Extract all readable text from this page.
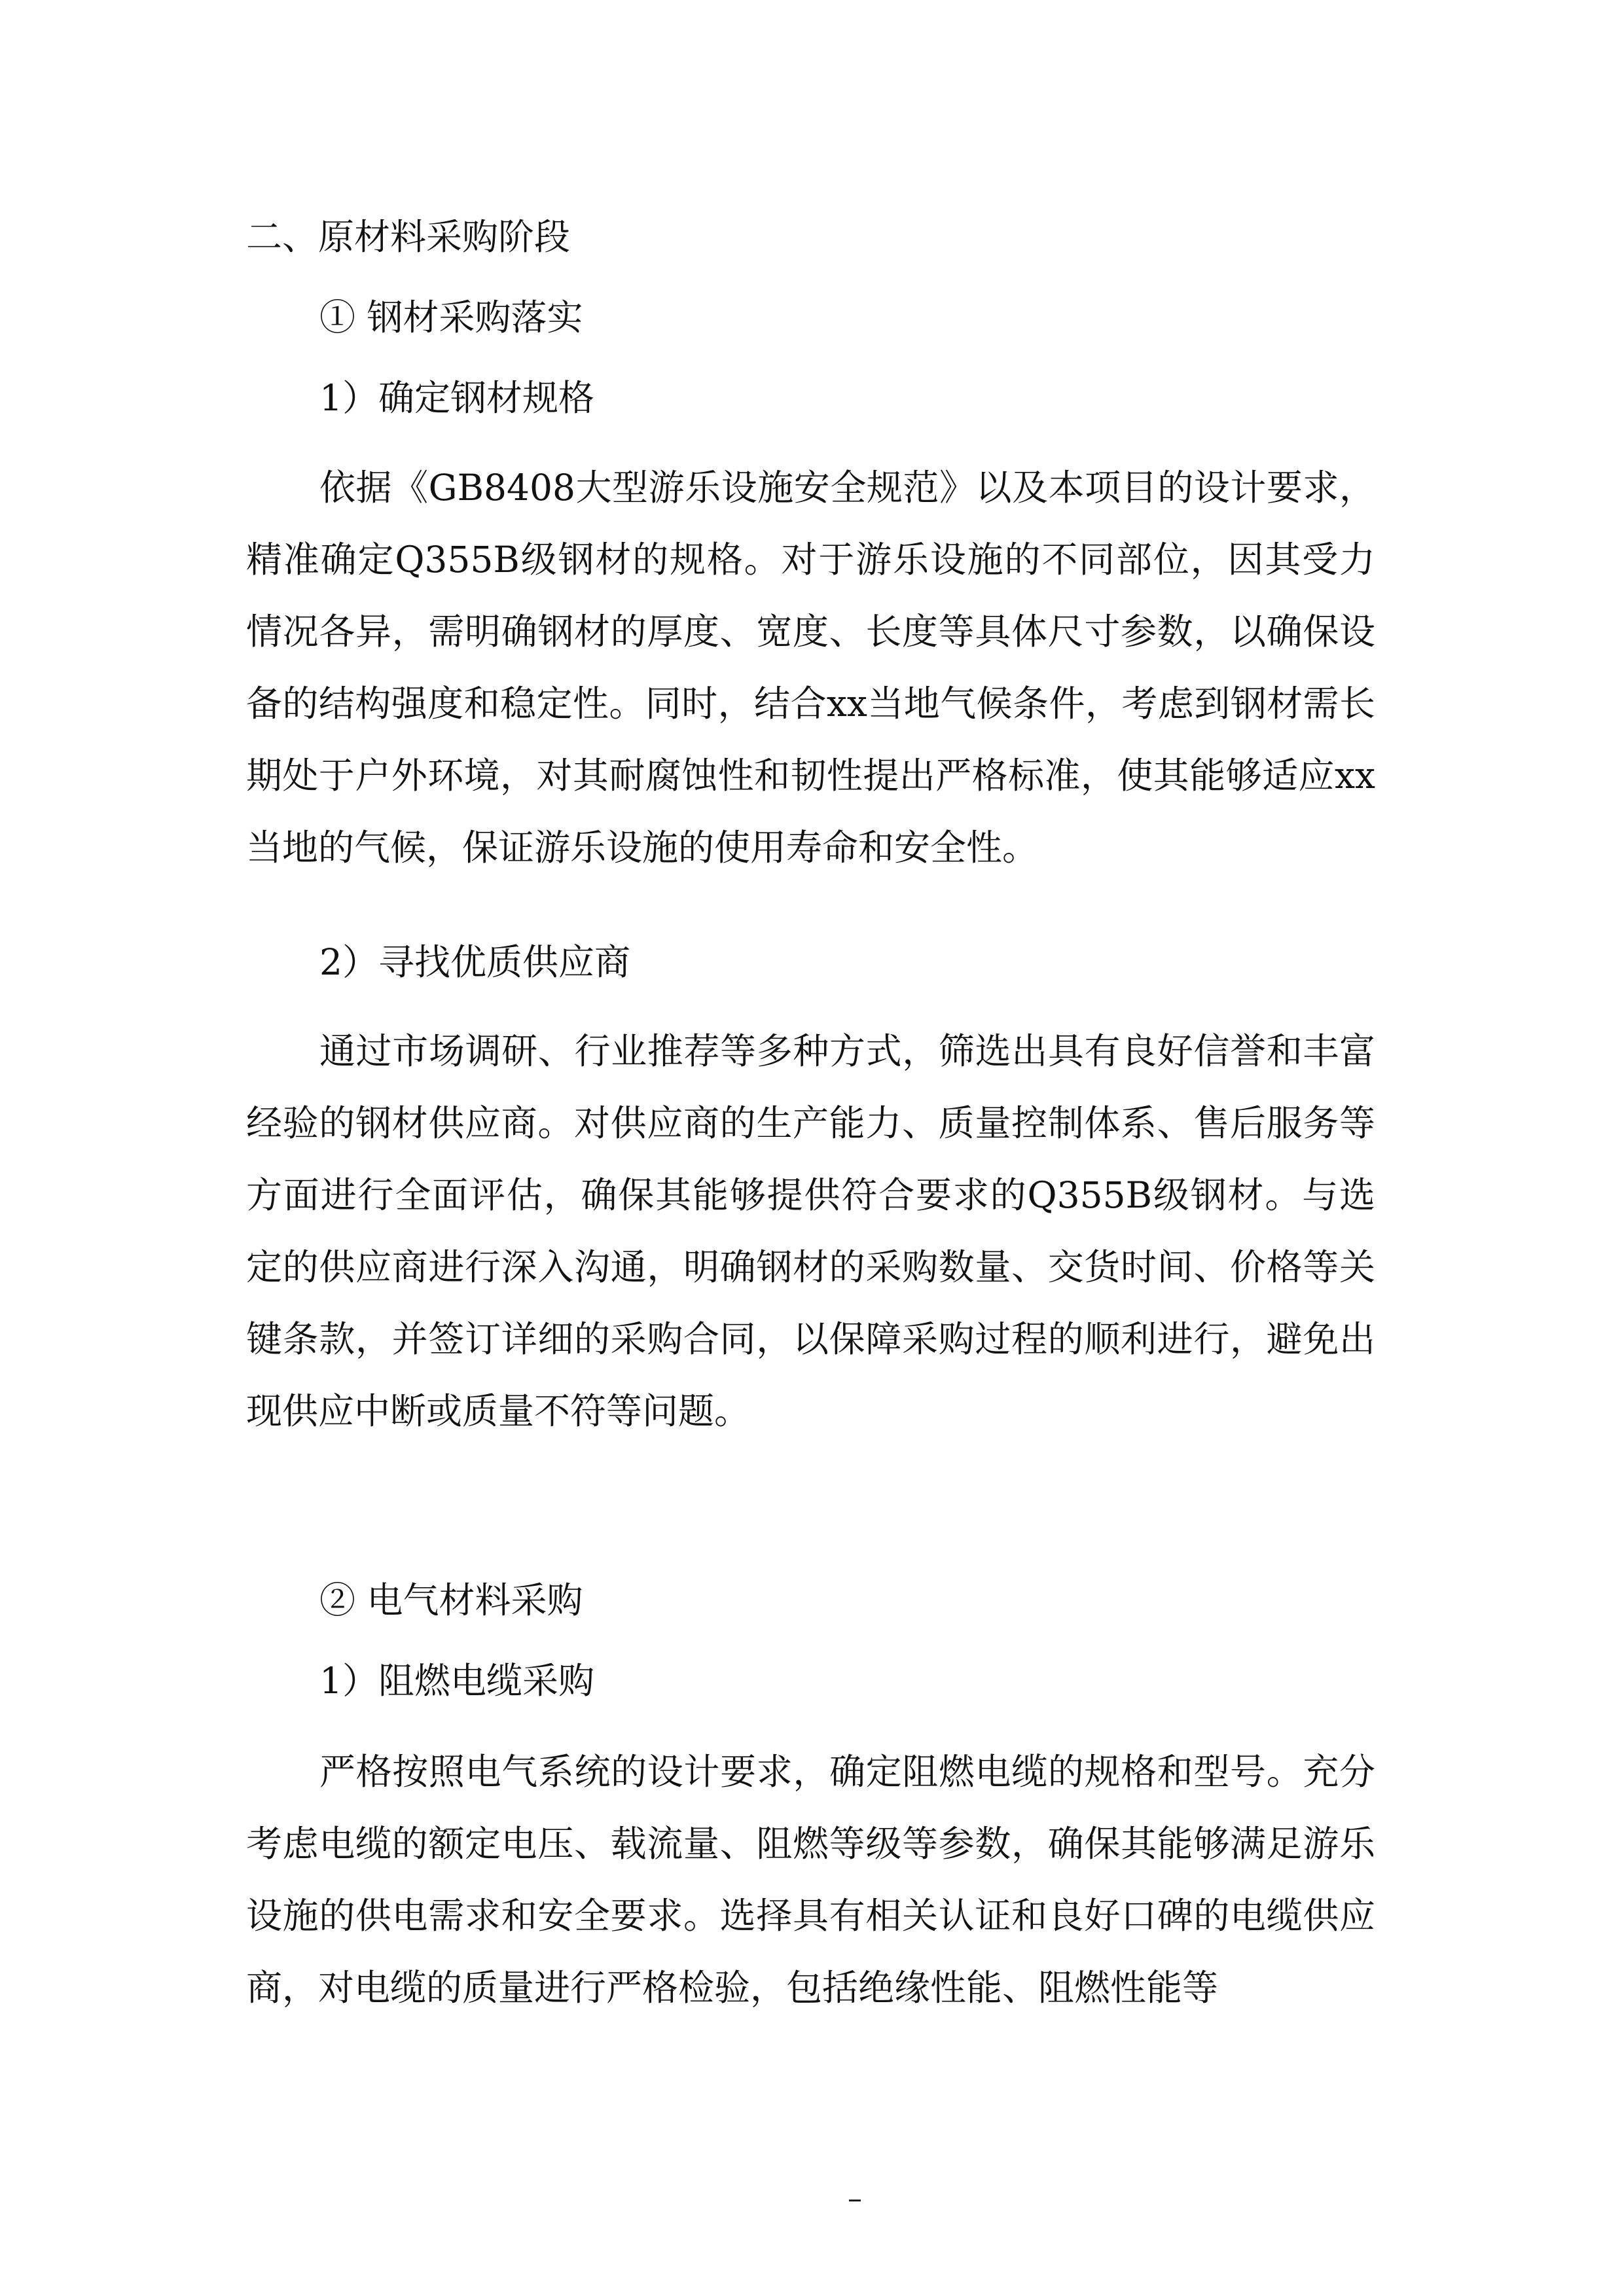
二、原材料采购阶段

① 钢材采购落实

1）确定钢材规格

依据《GB8408大型游乐设施安全规范》以及本项目的设计要求，精准确定Q355B级钢材的规格。对于游乐设施的不同部位，因其受力情况各异，需明确钢材的厚度、宽度、长度等具体尺寸参数，以确保设备的结构强度和稳定性。同时，结合xx当地气候条件，考虑到钢材需长期处于户外环境，对其耐腐蚀性和韧性提出严格标准，使其能够适应xx当地的气候，保证游乐设施的使用寿命和安全性。

2）寻找优质供应商

通过市场调研、行业推荐等多种方式，筛选出具有良好信誉和丰富经验的钢材供应商。对供应商的生产能力、质量控制体系、售后服务等方面进行全面评估，确保其能够提供符合要求的Q355B级钢材。与选定的供应商进行深入沟通，明确钢材的采购数量、交货时间、价格等关键条款，并签订详细的采购合同，以保障采购过程的顺利进行，避免出现供应中断或质量不符等问题。

② 电气材料采购

1）阻燃电缆采购

严格按照电气系统的设计要求，确定阻燃电缆的规格和型号。充分考虑电缆的额定电压、载流量、阻燃等级等参数，确保其能够满足游乐设施的供电需求和安全要求。选择具有相关认证和良好口碑的电缆供应商，对电缆的质量进行严格检验，包括绝缘性能、阻燃性能等

–
